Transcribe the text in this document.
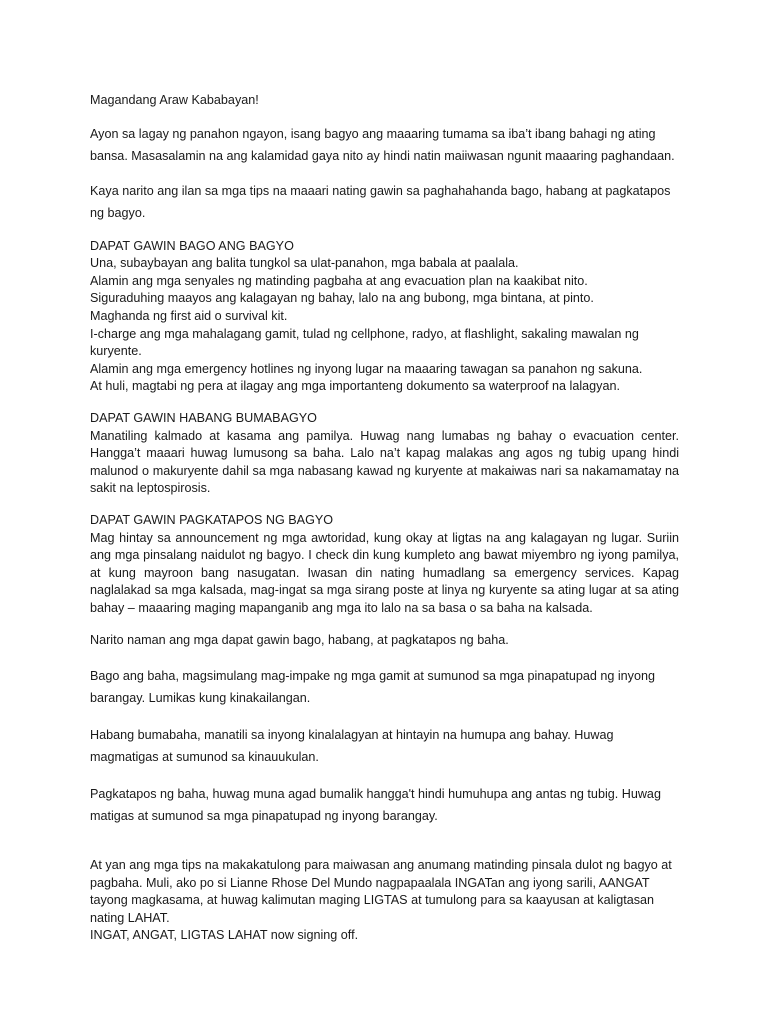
Magandang Araw Kababayan!

Ayon sa lagay ng panahon ngayon, isang bagyo ang maaaring tumama sa iba’t ibang bahagi ng ating bansa. Masasalamin na ang kalamidad gaya nito ay hindi natin maiiwasan ngunit maaaring paghandaan.

Kaya narito ang ilan sa mga tips na maaari nating gawin sa paghahahanda bago, habang at pagkatapos ng bagyo.

DAPAT GAWIN BAGO ANG BAGYO

Una, subaybayan ang balita tungkol sa ulat-panahon, mga babala at paalala.

Alamin ang mga senyales ng matinding pagbaha at ang evacuation plan na kaakibat nito.

Siguraduhing maayos ang kalagayan ng bahay, lalo na ang bubong, mga bintana, at pinto.

Maghanda ng first aid o survival kit.

I-charge ang mga mahalagang gamit, tulad ng cellphone, radyo, at flashlight, sakaling mawalan ng kuryente.

Alamin ang mga emergency hotlines ng inyong lugar na maaaring tawagan sa panahon ng sakuna.

At huli, magtabi ng pera at ilagay ang mga importanteng dokumento sa waterproof na lalagyan.

DAPAT GAWIN HABANG BUMABAGYO

Manatiling kalmado at kasama ang pamilya. Huwag nang lumabas ng bahay o evacuation center. Hangga’t maaari huwag lumusong sa baha. Lalo na’t kapag malakas ang agos ng tubig upang hindi malunod o makuryente dahil sa mga nabasang kawad ng kuryente at makaiwas nari sa nakamamatay na sakit na leptospirosis.

DAPAT GAWIN PAGKATAPOS NG BAGYO

Mag hintay sa announcement ng mga awtoridad, kung okay at ligtas na ang kalagayan ng lugar. Suriin ang mga pinsalang naidulot ng bagyo. I check din kung kumpleto ang bawat miyembro ng iyong pamilya, at kung mayroon bang nasugatan. Iwasan din nating humadlang sa emergency services. Kapag naglalakad sa mga kalsada, mag-ingat sa mga sirang poste at linya ng kuryente sa ating lugar at sa ating bahay – maaaring maging mapanganib ang mga ito lalo na sa basa o sa baha na kalsada.

Narito naman ang mga dapat gawin bago, habang, at pagkatapos ng baha.

Bago ang baha, magsimulang mag-impake ng mga gamit at sumunod sa mga pinapatupad ng inyong barangay. Lumikas kung kinakailangan.

Habang bumabaha, manatili sa inyong kinalalagyan at hintayin na humupa ang bahay. Huwag magmatigas at sumunod sa kinauukulan.

Pagkatapos ng baha, huwag muna agad bumalik hangga't hindi humuhupa ang antas ng tubig. Huwag matigas at sumunod sa mga pinapatupad ng inyong barangay.

At yan ang mga tips na makakatulong para maiwasan ang anumang matinding pinsala dulot ng bagyo at pagbaha. Muli, ako po si Lianne Rhose Del Mundo nagpapaalala INGATan ang iyong sarili, AANGAT tayong magkasama, at huwag kalimutan maging LIGTAS at tumulong para sa kaayusan at kaligtasan nating LAHAT.

INGAT, ANGAT, LIGTAS LAHAT now signing off.
